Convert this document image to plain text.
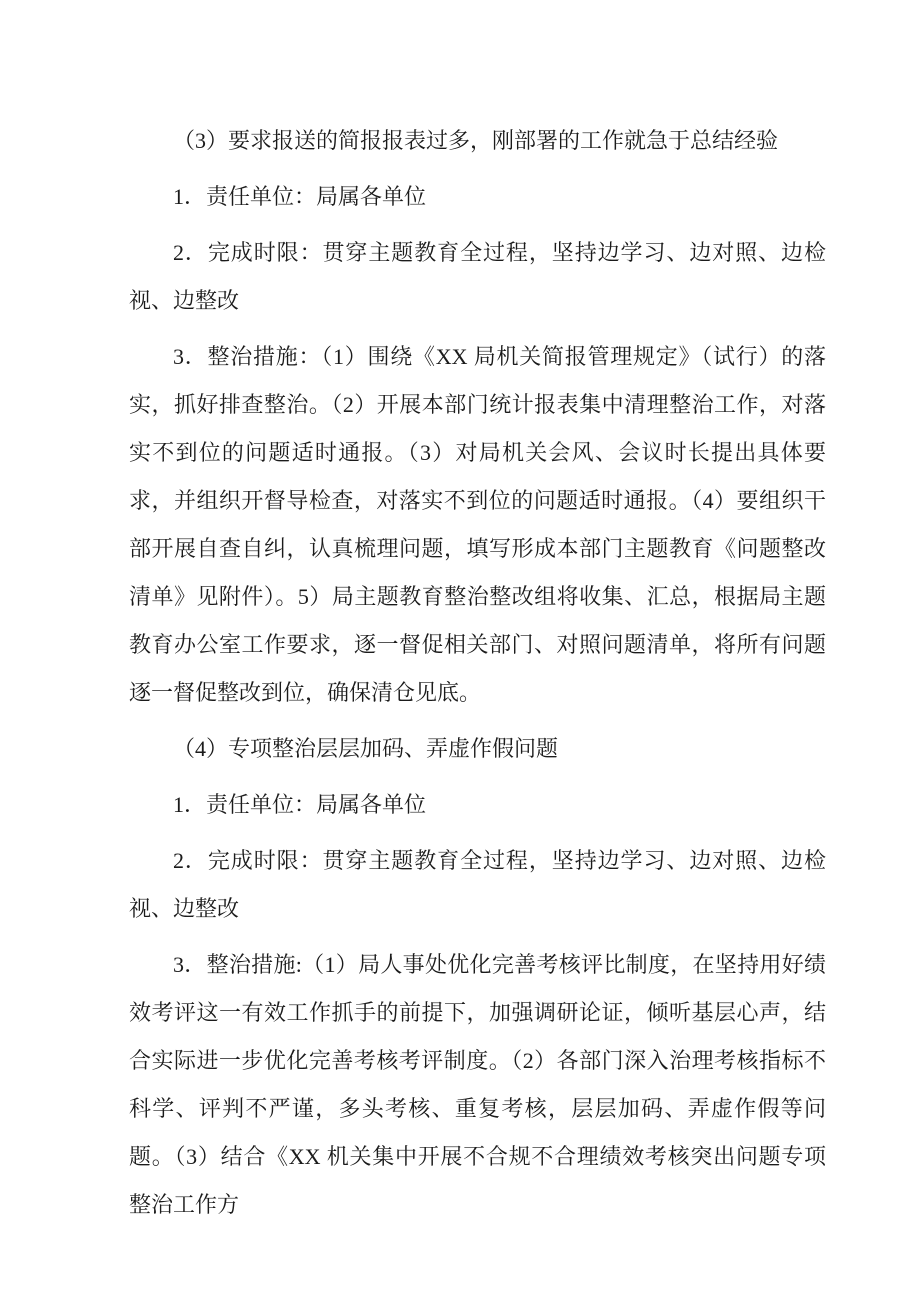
（3）要求报送的简报报表过多，刚部署的工作就急于总结经验

1．责任单位：局属各单位

2．完成时限：贯穿主题教育全过程，坚持边学习、边对照、边检视、边整改

3．整治措施：（1）围绕《XX 局机关简报管理规定》（试行）的落实，抓好排查整治。（2）开展本部门统计报表集中清理整治工作，对落实不到位的问题适时通报。（3）对局机关会风、会议时长提出具体要求，并组织开督导检查，对落实不到位的问题适时通报。（4）要组织干部开展自查自纠，认真梳理问题，填写形成本部门主题教育《问题整改清单》见附件）。5）局主题教育整治整改组将收集、汇总，根据局主题教育办公室工作要求，逐一督促相关部门、对照问题清单，将所有问题逐一督促整改到位，确保清仓见底。

（4）专项整治层层加码、弄虚作假问题

1．责任单位：局属各单位

2．完成时限：贯穿主题教育全过程，坚持边学习、边对照、边检视、边整改

3．整治措施:（1）局人事处优化完善考核评比制度，在坚持用好绩效考评这一有效工作抓手的前提下，加强调研论证，倾听基层心声，结合实际进一步优化完善考核考评制度。（2）各部门深入治理考核指标不科学、评判不严谨，多头考核、重复考核，层层加码、弄虚作假等问题。（3）结合《XX 机关集中开展不合规不合理绩效考核突出问题专项整治工作方
